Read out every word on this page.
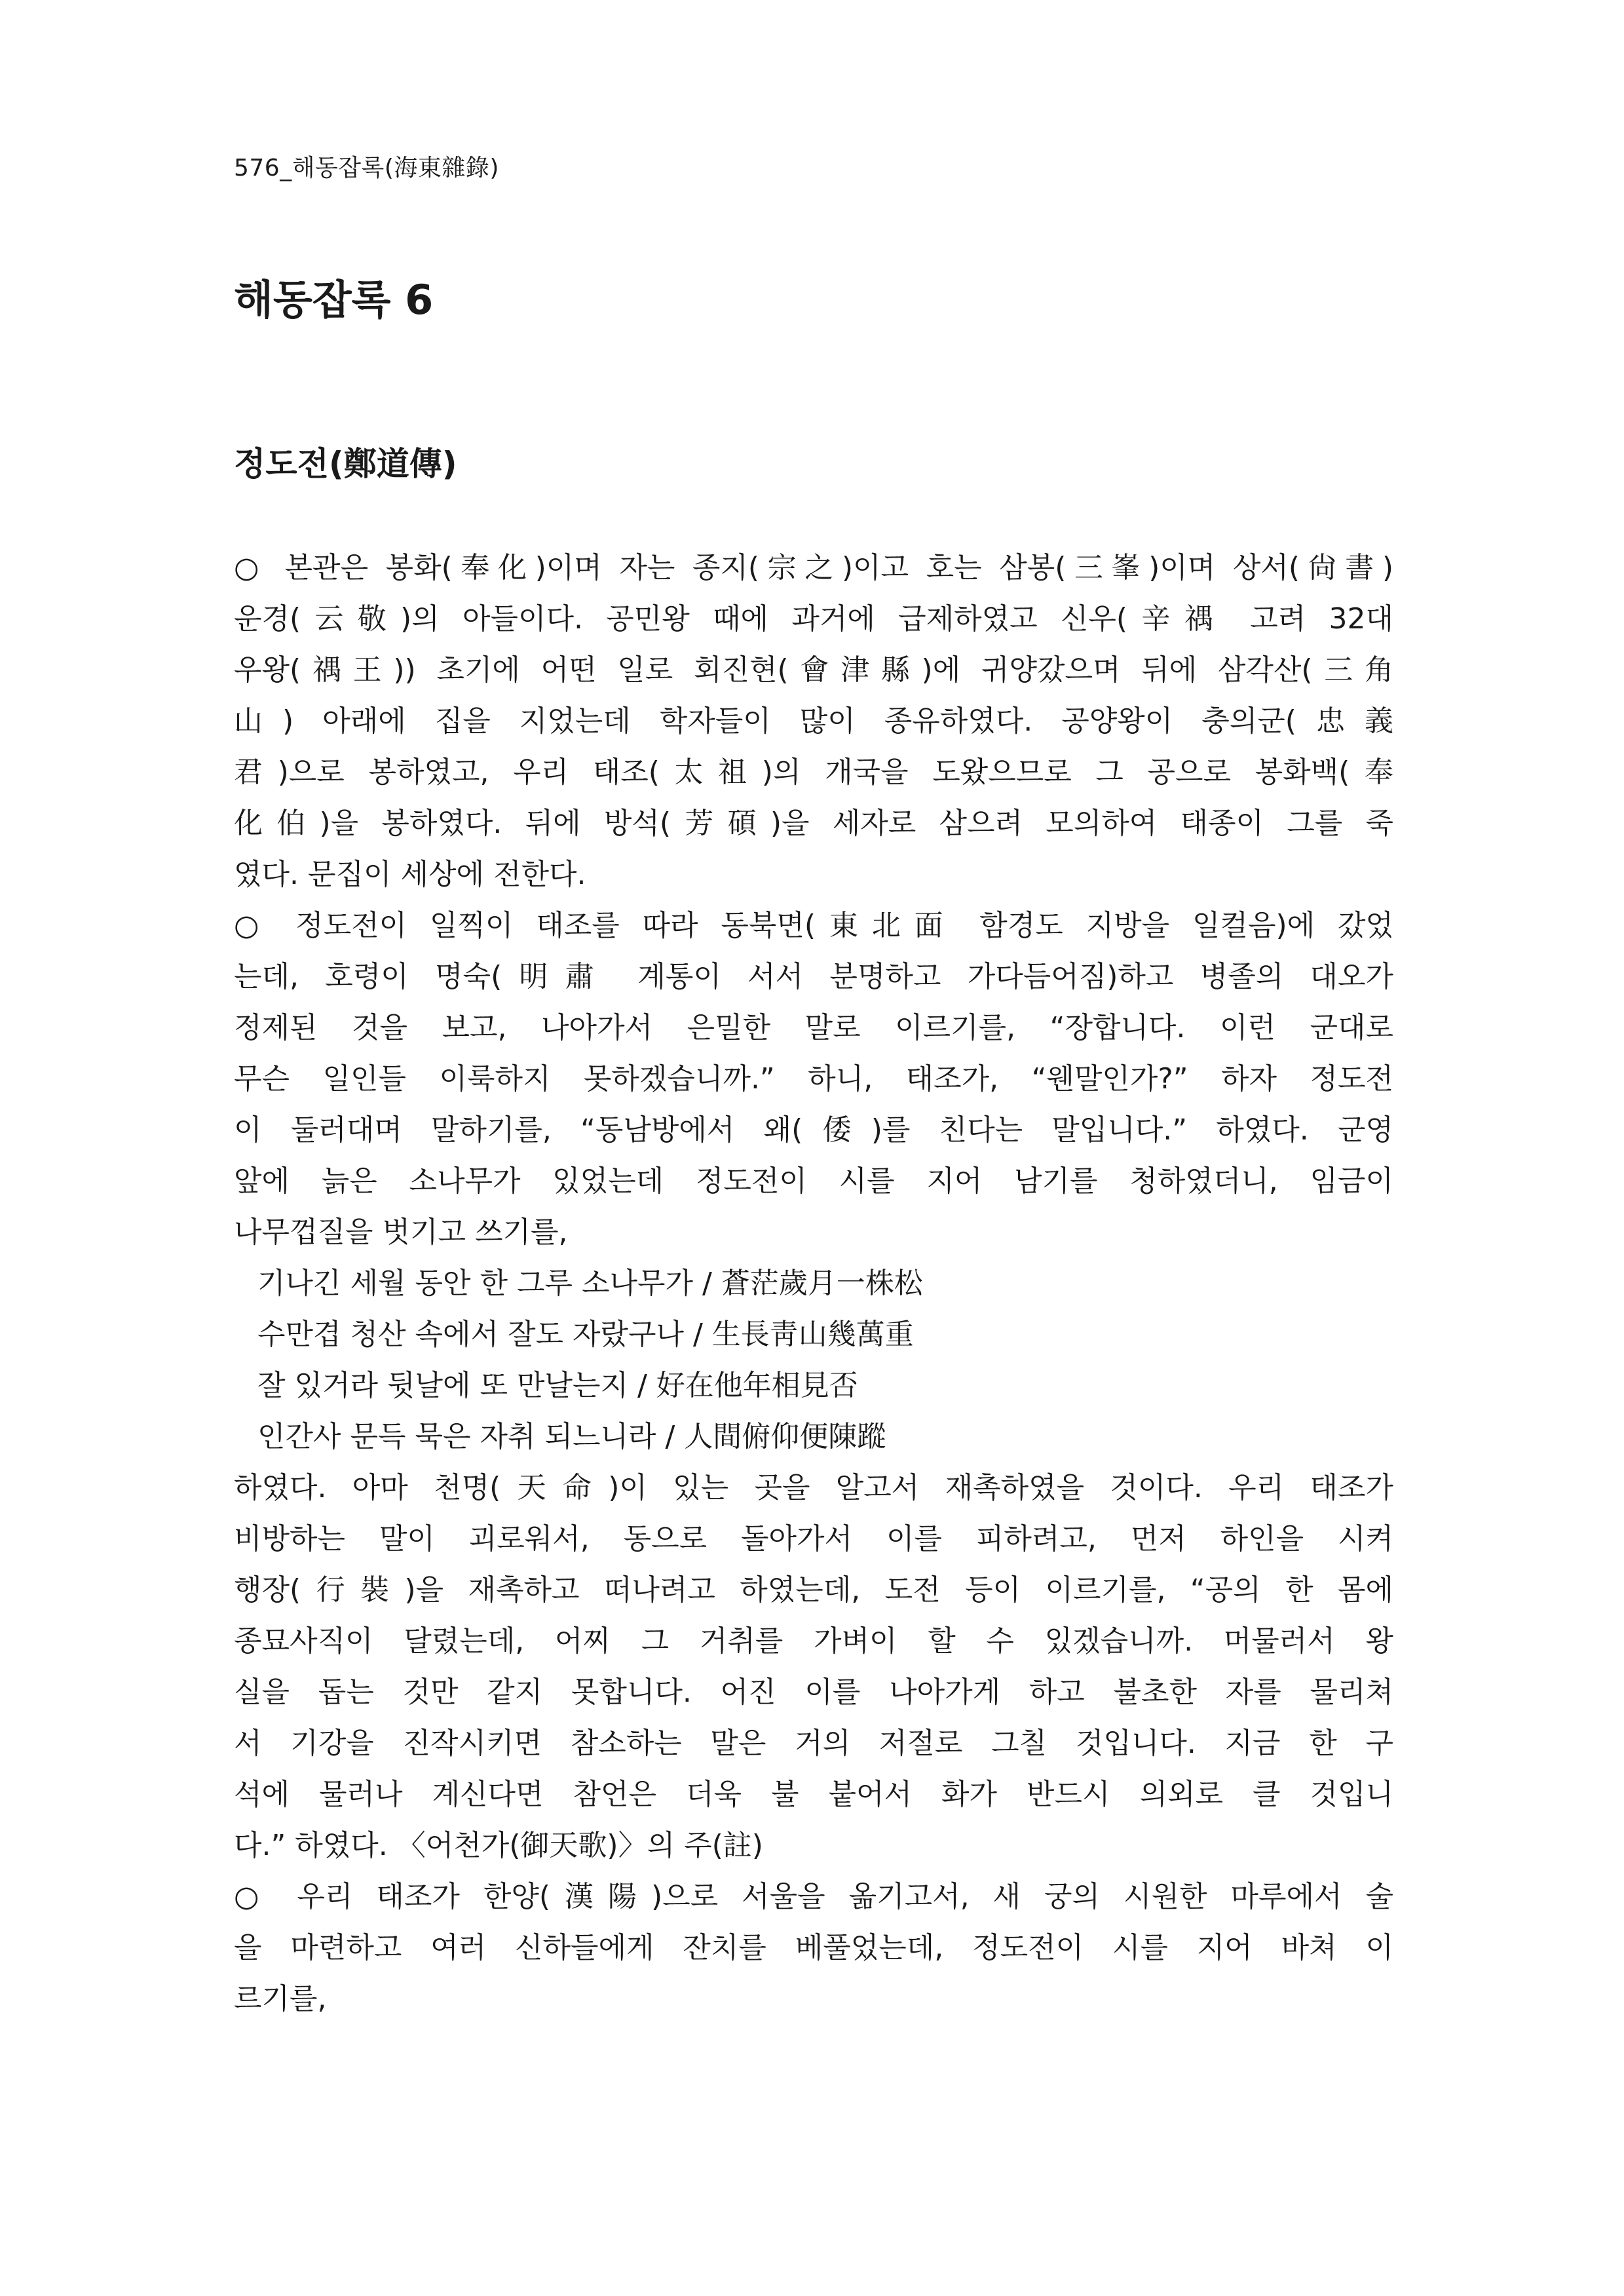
576_해동잡록(海東雜錄)
해동잡록 6
정도전(鄭道傳)
○ 본관은 봉화(奉化)이며 자는 종지(宗之)이고 호는 삼봉(三峯)이며 상서(尙書)
운경(云敬)의 아들이다. 공민왕 때에 과거에 급제하였고 신우(辛禑 고려 32대
우왕(禑王)) 초기에 어떤 일로 회진현(會津縣)에 귀양갔으며 뒤에 삼각산(三角
山) 아래에 집을 지었는데 학자들이 많이 종유하였다. 공양왕이 충의군(忠義
君)으로 봉하였고, 우리 태조(太祖)의 개국을 도왔으므로 그 공으로 봉화백(奉
化伯)을 봉하였다. 뒤에 방석(芳碩)을 세자로 삼으려 모의하여 태종이 그를 죽
였다. 문집이 세상에 전한다.
○ 정도전이 일찍이 태조를 따라 동북면(東北面 함경도 지방을 일컬음)에 갔었
는데, 호령이 명숙(明肅 계통이 서서 분명하고 가다듬어짐)하고 병졸의 대오가
정제된 것을 보고, 나아가서 은밀한 말로 이르기를, “장합니다. 이런 군대로
무슨 일인들 이룩하지 못하겠습니까.” 하니, 태조가, “웬말인가?” 하자 정도전
이 둘러대며 말하기를, “동남방에서 왜(倭)를 친다는 말입니다.” 하였다. 군영
앞에 늙은 소나무가 있었는데 정도전이 시를 지어 남기를 청하였더니, 임금이
나무껍질을 벗기고 쓰기를,
기나긴 세월 동안 한 그루 소나무가 / 蒼茫歲月一株松
수만겹 청산 속에서 잘도 자랐구나 / 生長靑山幾萬重
잘 있거라 뒷날에 또 만날는지 / 好在他年相見否
인간사 문득 묵은 자취 되느니라 / 人間俯仰便陳蹤
하였다. 아마 천명(天命)이 있는 곳을 알고서 재촉하였을 것이다. 우리 태조가
비방하는 말이 괴로워서, 동으로 돌아가서 이를 피하려고, 먼저 하인을 시켜
행장(行裝)을 재촉하고 떠나려고 하였는데, 도전 등이 이르기를, “공의 한 몸에
종묘사직이 달렸는데, 어찌 그 거취를 가벼이 할 수 있겠습니까. 머물러서 왕
실을 돕는 것만 같지 못합니다. 어진 이를 나아가게 하고 불초한 자를 물리쳐
서 기강을 진작시키면 참소하는 말은 거의 저절로 그칠 것입니다. 지금 한 구
석에 물러나 계신다면 참언은 더욱 불 붙어서 화가 반드시 의외로 클 것입니
다.” 하였다. 〈어천가(御天歌)〉의 주(註)
○ 우리 태조가 한양(漢陽)으로 서울을 옮기고서, 새 궁의 시원한 마루에서 술
을 마련하고 여러 신하들에게 잔치를 베풀었는데, 정도전이 시를 지어 바쳐 이
르기를,
